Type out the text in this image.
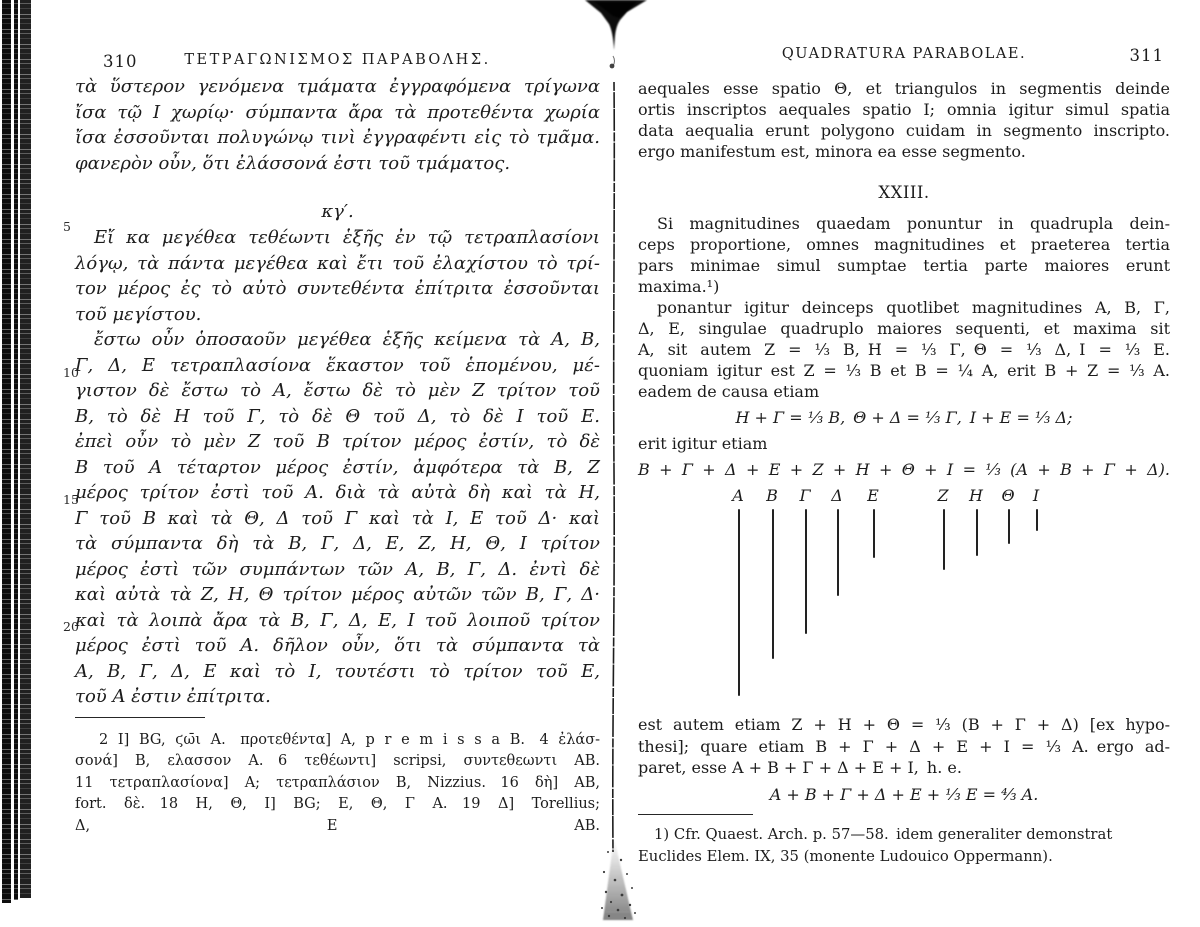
5
10
15
20
310	ΤΕΤΡΑΓΩΝΙΣΜΟΣ ΠΑΡΑΒΟΛΗΣ.
τὰ ὕστερον γενόμενα τμάματα ἐγγραφόμενα τρίγωνα
ἴσα τῷ I χωρίῳ· σύμπαντα ἄρα τὰ προτεθέντα χωρία
ἴσα ἐσσοῦνται πολυγώνῳ τινὶ ἐγγραφέντι εἰς τὸ τμᾶμα.
φανερὸν οὖν, ὅτι ἐλάσσονά ἐστι τοῦ τμάματος.
κγ′.
Εἴ κα μεγέθεα τεθέωντι ἑξῆς ἐν τῷ τετραπλασίονι
λόγῳ, τὰ πάντα μεγέθεα καὶ ἔτι τοῦ ἐλαχίστου τὸ τρί-
τον μέρος ἐς τὸ αὐτὸ συντεθέντα ἐπίτριτα ἐσσοῦνται
τοῦ μεγίστου.
ἔστω οὖν ὁποσαοῦν μεγέθεα ἑξῆς κείμενα τὰ A, B,
Γ, Δ, E τετραπλασίονα ἕκαστον τοῦ ἑπομένου, μέ-
γιστον δὲ ἔστω τὸ A, ἔστω δὲ τὸ μὲν Z τρίτον τοῦ
B, τὸ δὲ H τοῦ Γ, τὸ δὲ Θ τοῦ Δ, τὸ δὲ I τοῦ E.
ἐπεὶ οὖν τὸ μὲν Z τοῦ B τρίτον μέρος ἐστίν, τὸ δὲ
B τοῦ A τέταρτον μέρος ἐστίν, ἀμφότερα τὰ B, Z
μέρος τρίτον ἐστὶ τοῦ A. διὰ τὰ αὐτὰ δὴ καὶ τὰ H,
Γ τοῦ B καὶ τὰ Θ, Δ τοῦ Γ καὶ τὰ I, E τοῦ Δ· καὶ
τὰ σύμπαντα δὴ τὰ B, Γ, Δ, E, Z, H, Θ, I τρίτον
μέρος ἐστὶ τῶν συμπάντων τῶν A, B, Γ, Δ. ἐντὶ δὲ
καὶ αὐτὰ τὰ Z, H, Θ τρίτον μέρος αὐτῶν τῶν B, Γ, Δ·
καὶ τὰ λοιπὰ ἄρα τὰ B, Γ, Δ, E, I τοῦ λοιποῦ τρίτον
μέρος ἐστὶ τοῦ A. δῆλον οὖν, ὅτι τὰ σύμπαντα τὰ
A, B, Γ, Δ, E καὶ τὸ I, τουτέστι τὸ τρίτον τοῦ E,
τοῦ A ἐστιν ἐπίτριτα.
2 I] BG, ϛω̄ι A. προτεθέντα] A, p r e m i s s a B. 4 ἐλάσ-
σονά] B, ελασσον A. 6 τεθέωντι] scripsi, συντεθεωντι AB.
11 τετραπλασίονα] A; τετραπλάσιον B, Nizzius. 16 δὴ] AB,
fort. δὲ. 18 H, Θ, I] BG; E, Θ, Γ A. 19 Δ] Torellius;
Δ, E AB.
QUADRATURA PARABOLAE.	311
aequales esse spatio Θ, et triangulos in segmentis deinde
ortis inscriptos aequales spatio I; omnia igitur simul spatia
data aequalia erunt polygono cuidam in segmento inscripto.
ergo manifestum est, minora ea esse segmento.
XXIII.
Si magnitudines quaedam ponuntur in quadrupla dein-
ceps proportione, omnes magnitudines et praeterea tertia
pars minimae simul sumptae tertia parte maiores erunt
maxima.¹)
ponantur igitur deinceps quotlibet magnitudines A, B, Γ,
Δ, E, singulae quadruplo maiores sequenti, et maxima sit
A, sit autem Z = ⅓ B, H = ⅓ Γ, Θ = ⅓ Δ, I = ⅓ E.
quoniam igitur est Z = ⅓ B et B = ¼ A, erit B + Z = ⅓ A.
eadem de causa etiam
H + Γ = ⅓ B, Θ + Δ = ⅓ Γ, I + E = ⅓ Δ;
erit igitur etiam
B + Γ + Δ + E + Z + H + Θ + I = ⅓ (A + B + Γ + Δ).
A B Γ Δ E	Z H Θ	I
est autem etiam Z + H + Θ = ⅓ (B + Γ + Δ) [ex hypo-
thesi]; quare etiam B + Γ + Δ + E + I = ⅓ A. ergo ad-
paret, esse A + B + Γ + Δ + E + I, h. e.
A + B + Γ + Δ + E + ⅓ E = ⁴⁄₃ A.
1) Cfr. Quaest. Arch. p. 57—58. idem generaliter demonstrat
Euclides Elem. IX, 35 (monente Ludouico Oppermann).
